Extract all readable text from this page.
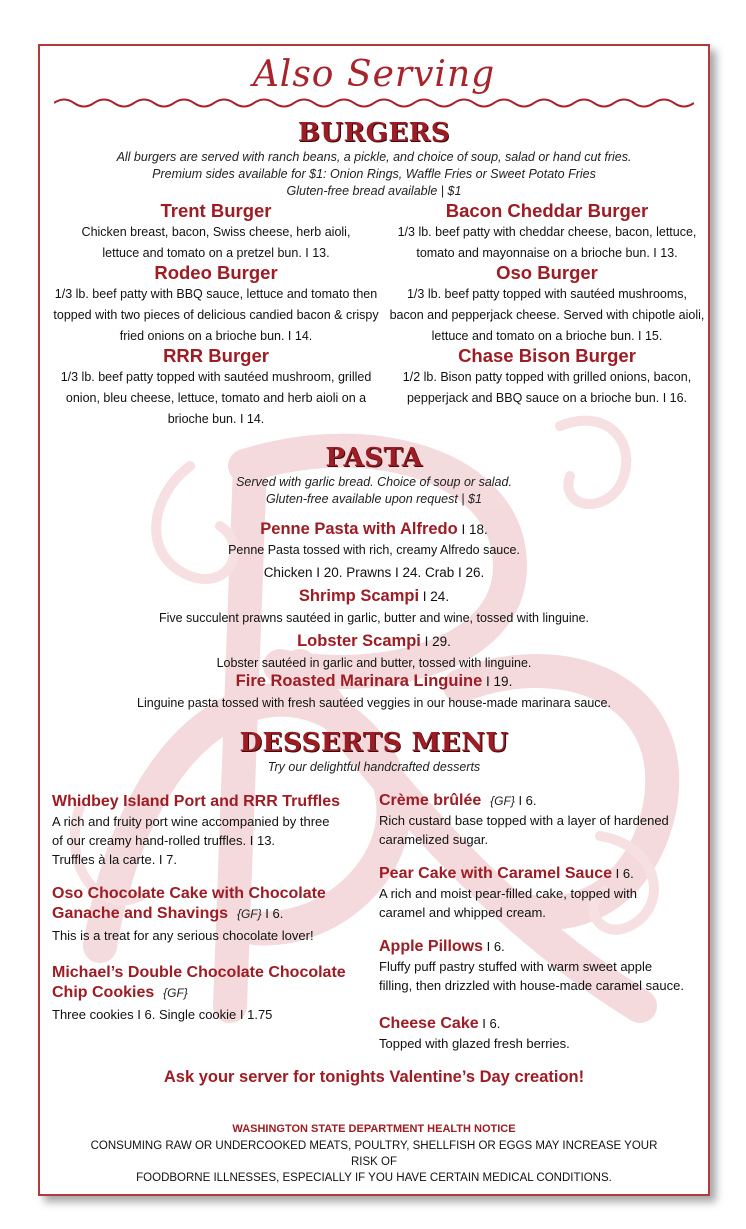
Also Serving
BURGERS
All burgers are served with ranch beans, a pickle, and choice of soup, salad or hand cut fries.
Premium sides available for $1: Onion Rings, Waffle Fries or Sweet Potato Fries
Gluten-free bread available | $1
Trent Burger
Chicken breast, bacon, Swiss cheese, herb aioli,
lettuce and tomato on a pretzel bun. I 13.
Rodeo Burger
1/3 lb. beef patty with BBQ sauce, lettuce and tomato then
topped with two pieces of delicious candied bacon & crispy
fried onions on a brioche bun. I 14.
RRR Burger
1/3 lb. beef patty topped with sautéed mushroom, grilled
onion, bleu cheese, lettuce, tomato and herb aioli on a
brioche bun. I 14.
Bacon Cheddar Burger
1/3 lb. beef patty with cheddar cheese, bacon, lettuce,
tomato and mayonnaise on a brioche bun. I 13.
Oso Burger
1/3 lb. beef patty topped with sautéed mushrooms,
bacon and pepperjack cheese. Served with chipotle aioli,
lettuce and tomato on a brioche bun. I 15.
Chase Bison Burger
1/2 lb. Bison patty topped with grilled onions, bacon,
pepperjack and BBQ sauce on a brioche bun. I 16.
PASTA
Served with garlic bread. Choice of soup or salad.
Gluten-free available upon request | $1
Penne Pasta with Alfredo I 18.
Penne Pasta tossed with rich, creamy Alfredo sauce.
Chicken I 20. Prawns I 24. Crab I 26.
Shrimp Scampi I 24.
Five succulent prawns sautéed in garlic, butter and wine, tossed with linguine.
Lobster Scampi I 29.
Lobster sautéed in garlic and butter, tossed with linguine.
Fire Roasted Marinara Linguine I 19.
Linguine pasta tossed with fresh sautéed veggies in our house-made marinara sauce.
DESSERTS MENU
Try our delightful handcrafted desserts
Whidbey Island Port and RRR Truffles
A rich and fruity port wine accompanied by three
of our creamy hand-rolled truffles. I 13.
Truffles à la carte. I 7.
Oso Chocolate Cake with Chocolate
Ganache and Shavings {GF} I 6.
This is a treat for any serious chocolate lover!
Michael’s Double Chocolate Chocolate
Chip Cookies {GF}
Three cookies I 6. Single cookie I 1.75
Crème brûlée {GF} I 6.
Rich custard base topped with a layer of hardened
caramelized sugar.
Pear Cake with Caramel Sauce I 6.
A rich and moist pear-filled cake, topped with
caramel and whipped cream.
Apple Pillows I 6.
Fluffy puff pastry stuffed with warm sweet apple
filling, then drizzled with house-made caramel sauce.
Cheese Cake I 6.
Topped with glazed fresh berries.
Ask your server for tonights Valentine’s Day creation!
WASHINGTON STATE DEPARTMENT HEALTH NOTICE
CONSUMING RAW OR UNDERCOOKED MEATS, POULTRY, SHELLFISH OR EGGS MAY INCREASE YOUR RISK OF
FOODBORNE ILLNESSES, ESPECIALLY IF YOU HAVE CERTAIN MEDICAL CONDITIONS.
